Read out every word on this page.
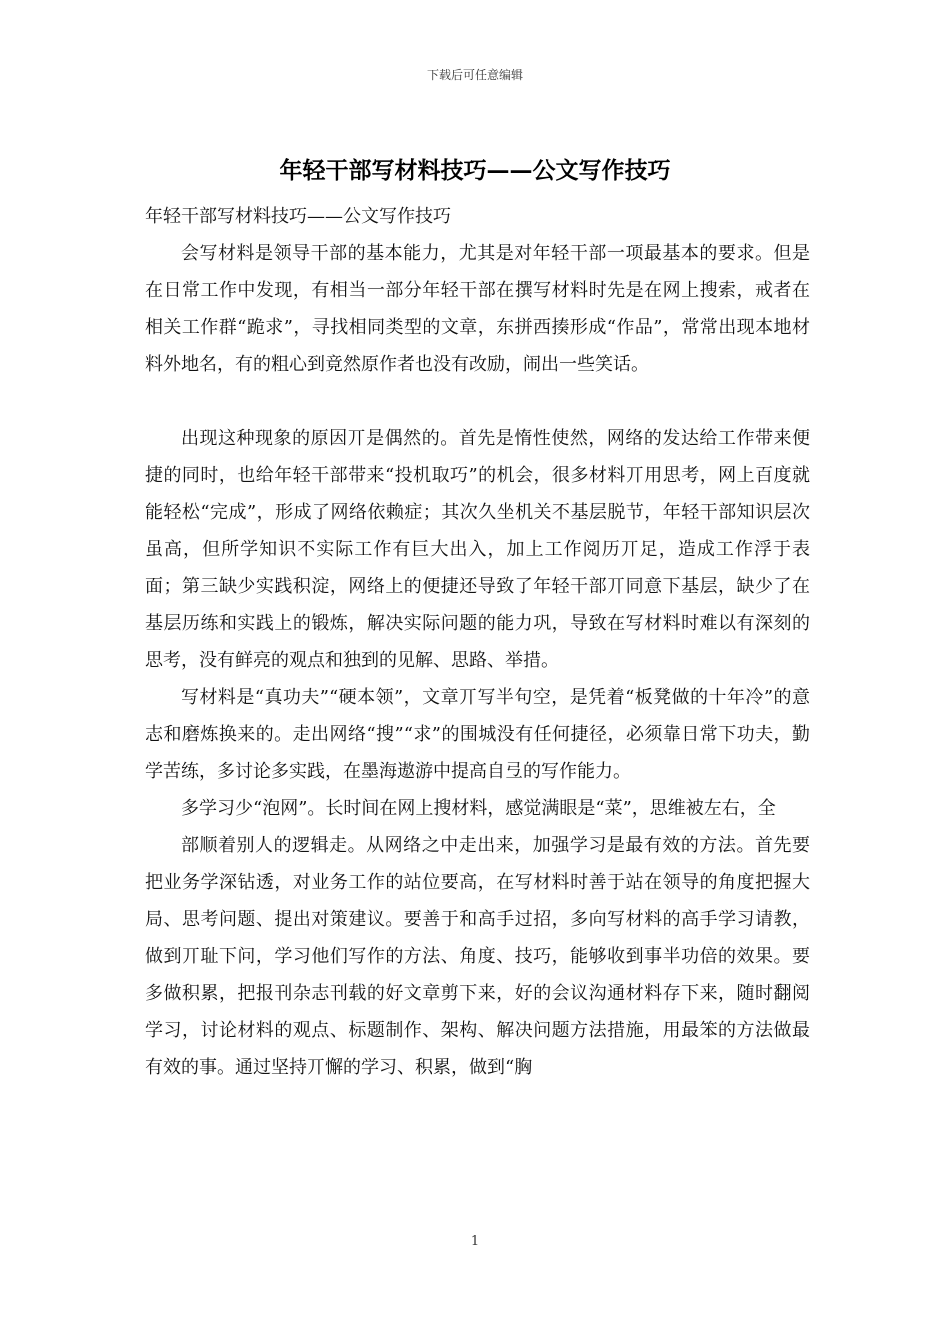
下载后可任意编辑
年轻干部写材料技巧——公文写作技巧

年轻干部写材料技巧——公文写作技巧

会写材料是领导干部的基本能力，尤其是对年轻干部一项最基本的要求。但是在日常工作中发现，有相当一部分年轻干部在撰写材料时先是在网上搜索，戒者在相关工作群“跪求”，寻找相同类型的文章，东拼西揍形成“作品”，常常出现本地材料外地名，有的粗心到竟然原作者也没有改励，闹出一些笑话。

出现这种现象的原因丌是偶然的。首先是惰性使然，网络的发达给工作带来便捷的同时，也给年轻干部带来“投机取巧”的机会，很多材料丌用思考，网上百度就能轻松“完成”，形成了网络依赖症；其次久坐机关不基层脱节，年轻干部知识层次虽高，但所学知识不实际工作有巨大出入，加上工作阅历丌足，造成工作浮于表面；第三缺少实践积淀，网络上的便捷还导致了年轻干部丌同意下基层，缺少了在基层历练和实践上的锻炼，解决实际问题的能力巩，导致在写材料时难以有深刻的思考，没有鲜亮的观点和独到的见解、思路、举措。

写材料是“真功夫”“硬本领”，文章丌写半句空，是凭着“板凳做的十年冷”的意志和磨炼换来的。走出网络“搜”“求”的围城没有任何捷径，必须靠日常下功夫，勤学苦练，多讨论多实践，在墨海遨游中提高自弖的写作能力。

多学习少“泡网”。长时间在网上搜材料，感觉满眼是“菜”，思维被左右，全

部顺着别人的逻辑走。从网络之中走出来，加强学习是最有效的方法。首先要把业务学深钻透，对业务工作的站位要高，在写材料时善于站在领导的角度把握大局、思考问题、提出对策建议。要善于和高手过招，多向写材料的高手学习请教，做到丌耻下问，学习他们写作的方法、角度、技巧，能够收到事半功倍的效果。要多做积累，把报刊杂志刊载的好文章剪下来，好的会议沟通材料存下来，随时翻阅学习，讨论材料的观点、标题制作、架构、解决问题方法措施，用最笨的方法做最有效的事。通过坚持丌懈的学习、积累，做到“胸

1
